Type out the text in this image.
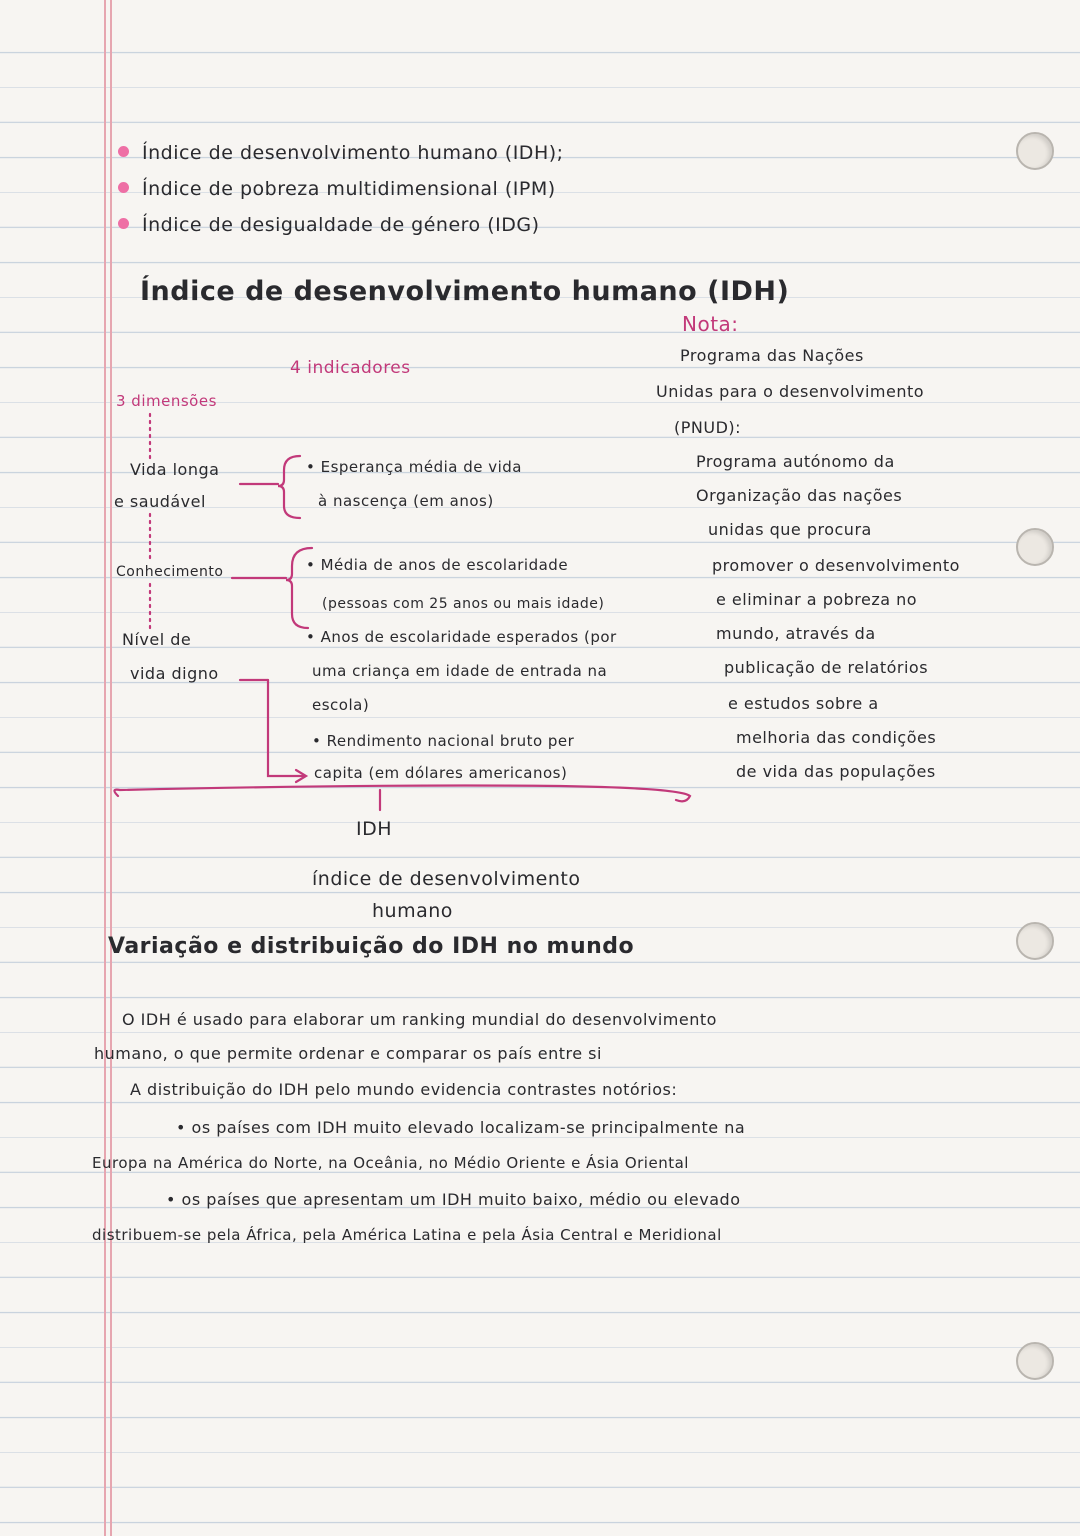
Índice de desenvolvimento humano (IDH);
Índice de pobreza multidimensional (IPM)
Índice de desigualdade de género (IDG)
Índice de desenvolvimento humano (IDH)
Nota:
Programa das Nações
Unidas para o desenvolvimento
(PNUD):
Programa autónomo da
Organização das nações
unidas que procura
promover o desenvolvimento
e eliminar a pobreza no
mundo, através da
publicação de relatórios
e estudos sobre a
melhoria das condições
de vida das populações
4 indicadores
3 dimensões
Vida longa
e saudável
Conhecimento
Nível de
vida digno
• Esperança média de vida
à nascença (em anos)
• Média de anos de escolaridade
(pessoas com 25 anos ou mais idade)
• Anos de escolaridade esperados (por
uma criança em idade de entrada na
escola)
• Rendimento nacional bruto per
capita (em dólares americanos)
IDH
índice de desenvolvimento
humano
Variação e distribuição do IDH no mundo
O IDH é usado para elaborar um ranking mundial do desenvolvimento
humano, o que permite ordenar e comparar os país entre si
A distribuição do IDH pelo mundo evidencia contrastes notórios:
• os países com IDH muito elevado localizam-se principalmente na
Europa na América do Norte, na Oceânia, no Médio Oriente e Ásia Oriental
• os países que apresentam um IDH muito baixo, médio ou elevado
distribuem-se pela África, pela América Latina e pela Ásia Central e Meridional
